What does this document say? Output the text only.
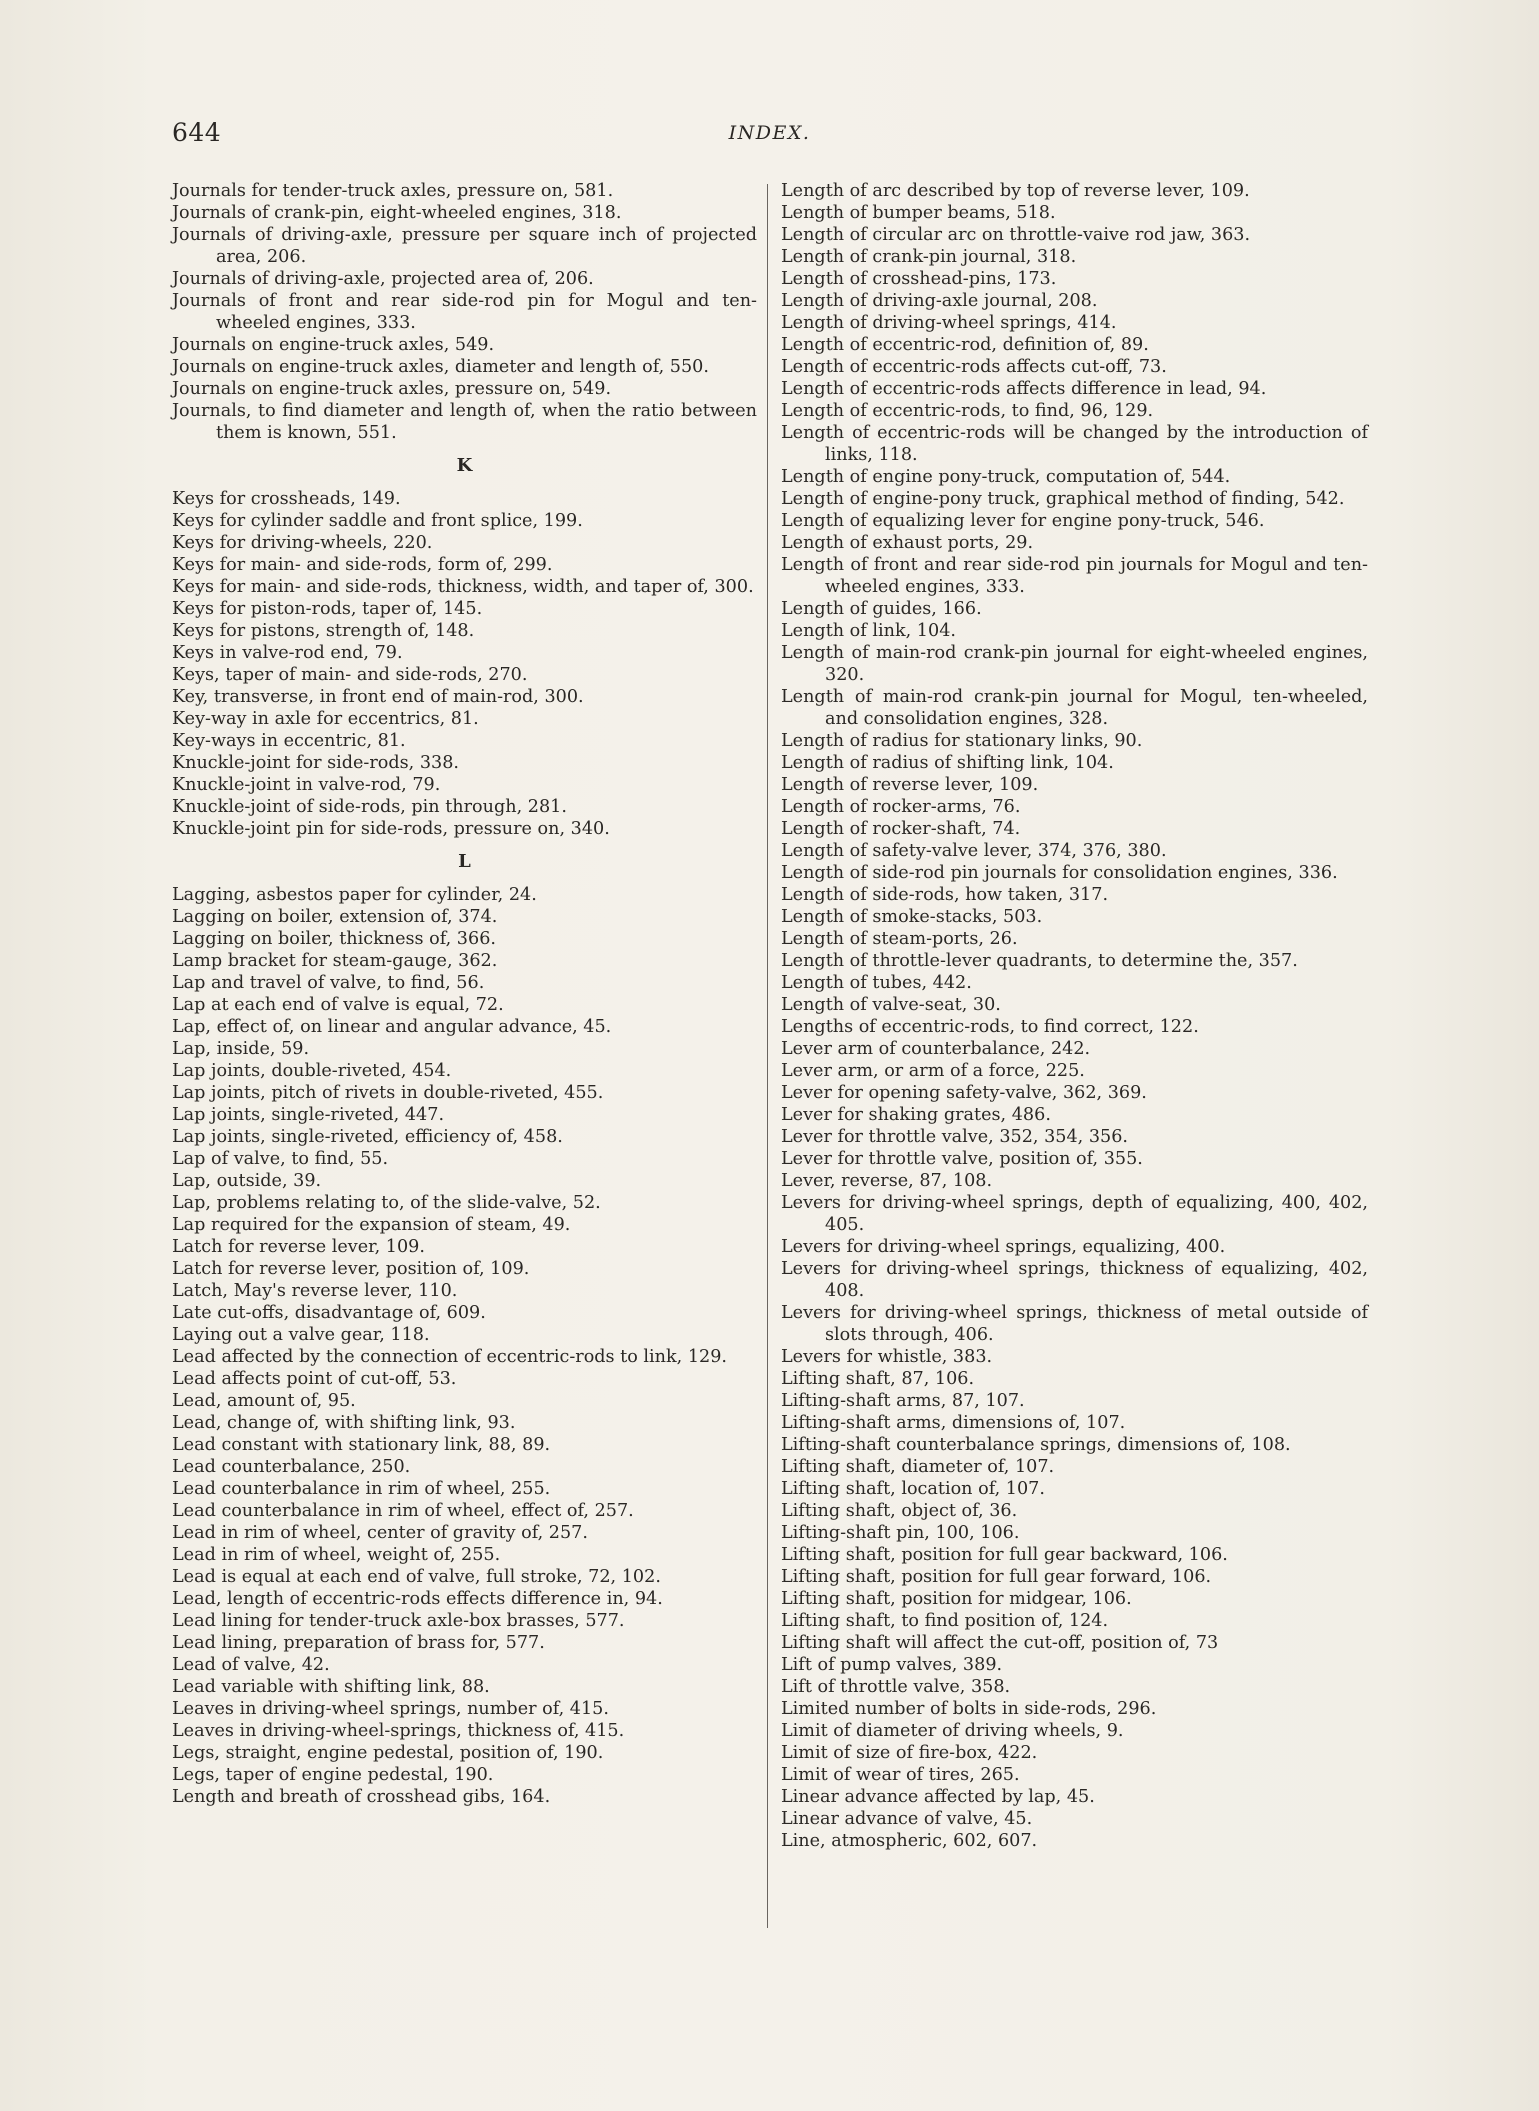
644	INDEX.
Journals for tender-truck axles, pressure on, 581.
Journals of crank-pin, eight-wheeled engines, 318.
Journals of driving-axle, pressure per square inch of projected area, 206.
Journals of driving-axle, projected area of, 206.
Journals of front and rear side-rod pin for Mogul and ten-wheeled engines, 333.
Journals on engine-truck axles, 549.
Journals on engine-truck axles, diameter and length of, 550.
Journals on engine-truck axles, pressure on, 549.
Journals, to find diameter and length of, when the ratio between them is known, 551.
K
Keys for crossheads, 149.
Keys for cylinder saddle and front splice, 199.
Keys for driving-wheels, 220.
Keys for main- and side-rods, form of, 299.
Keys for main- and side-rods, thickness, width, and taper of, 300.
Keys for piston-rods, taper of, 145.
Keys for pistons, strength of, 148.
Keys in valve-rod end, 79.
Keys, taper of main- and side-rods, 270.
Key, transverse, in front end of main-rod, 300.
Key-way in axle for eccentrics, 81.
Key-ways in eccentric, 81.
Knuckle-joint for side-rods, 338.
Knuckle-joint in valve-rod, 79.
Knuckle-joint of side-rods, pin through, 281.
Knuckle-joint pin for side-rods, pressure on, 340.
L
Lagging, asbestos paper for cylinder, 24.
Lagging on boiler, extension of, 374.
Lagging on boiler, thickness of, 366.
Lamp bracket for steam-gauge, 362.
Lap and travel of valve, to find, 56.
Lap at each end of valve is equal, 72.
Lap, effect of, on linear and angular advance, 45.
Lap, inside, 59.
Lap joints, double-riveted, 454.
Lap joints, pitch of rivets in double-riveted, 455.
Lap joints, single-riveted, 447.
Lap joints, single-riveted, efficiency of, 458.
Lap of valve, to find, 55.
Lap, outside, 39.
Lap, problems relating to, of the slide-valve, 52.
Lap required for the expansion of steam, 49.
Latch for reverse lever, 109.
Latch for reverse lever, position of, 109.
Latch, May's reverse lever, 110.
Late cut-offs, disadvantage of, 609.
Laying out a valve gear, 118.
Lead affected by the connection of eccentric-rods to link, 129.
Lead affects point of cut-off, 53.
Lead, amount of, 95.
Lead, change of, with shifting link, 93.
Lead constant with stationary link, 88, 89.
Lead counterbalance, 250.
Lead counterbalance in rim of wheel, 255.
Lead counterbalance in rim of wheel, effect of, 257.
Lead in rim of wheel, center of gravity of, 257.
Lead in rim of wheel, weight of, 255.
Lead is equal at each end of valve, full stroke, 72, 102.
Lead, length of eccentric-rods effects difference in, 94.
Lead lining for tender-truck axle-box brasses, 577.
Lead lining, preparation of brass for, 577.
Lead of valve, 42.
Lead variable with shifting link, 88.
Leaves in driving-wheel springs, number of, 415.
Leaves in driving-wheel-springs, thickness of, 415.
Legs, straight, engine pedestal, position of, 190.
Legs, taper of engine pedestal, 190.
Length and breath of crosshead gibs, 164.
Length of arc described by top of reverse lever, 109.
Length of bumper beams, 518.
Length of circular arc on throttle-vaive rod jaw, 363.
Length of crank-pin journal, 318.
Length of crosshead-pins, 173.
Length of driving-axle journal, 208.
Length of driving-wheel springs, 414.
Length of eccentric-rod, definition of, 89.
Length of eccentric-rods affects cut-off, 73.
Length of eccentric-rods affects difference in lead, 94.
Length of eccentric-rods, to find, 96, 129.
Length of eccentric-rods will be changed by the introduction of links, 118.
Length of engine pony-truck, computation of, 544.
Length of engine-pony truck, graphical method of finding, 542.
Length of equalizing lever for engine pony-truck, 546.
Length of exhaust ports, 29.
Length of front and rear side-rod pin journals for Mogul and ten-wheeled engines, 333.
Length of guides, 166.
Length of link, 104.
Length of main-rod crank-pin journal for eight-wheeled engines, 320.
Length of main-rod crank-pin journal for Mogul, ten-wheeled, and consolidation engines, 328.
Length of radius for stationary links, 90.
Length of radius of shifting link, 104.
Length of reverse lever, 109.
Length of rocker-arms, 76.
Length of rocker-shaft, 74.
Length of safety-valve lever, 374, 376, 380.
Length of side-rod pin journals for consolidation engines, 336.
Length of side-rods, how taken, 317.
Length of smoke-stacks, 503.
Length of steam-ports, 26.
Length of throttle-lever quadrants, to determine the, 357.
Length of tubes, 442.
Length of valve-seat, 30.
Lengths of eccentric-rods, to find correct, 122.
Lever arm of counterbalance, 242.
Lever arm, or arm of a force, 225.
Lever for opening safety-valve, 362, 369.
Lever for shaking grates, 486.
Lever for throttle valve, 352, 354, 356.
Lever for throttle valve, position of, 355.
Lever, reverse, 87, 108.
Levers for driving-wheel springs, depth of equalizing, 400, 402, 405.
Levers for driving-wheel springs, equalizing, 400.
Levers for driving-wheel springs, thickness of equalizing, 402, 408.
Levers for driving-wheel springs, thickness of metal outside of slots through, 406.
Levers for whistle, 383.
Lifting shaft, 87, 106.
Lifting-shaft arms, 87, 107.
Lifting-shaft arms, dimensions of, 107.
Lifting-shaft counterbalance springs, dimensions of, 108.
Lifting shaft, diameter of, 107.
Lifting shaft, location of, 107.
Lifting shaft, object of, 36.
Lifting-shaft pin, 100, 106.
Lifting shaft, position for full gear backward, 106.
Lifting shaft, position for full gear forward, 106.
Lifting shaft, position for midgear, 106.
Lifting shaft, to find position of, 124.
Lifting shaft will affect the cut-off, position of, 73
Lift of pump valves, 389.
Lift of throttle valve, 358.
Limited number of bolts in side-rods, 296.
Limit of diameter of driving wheels, 9.
Limit of size of fire-box, 422.
Limit of wear of tires, 265.
Linear advance affected by lap, 45.
Linear advance of valve, 45.
Line, atmospheric, 602, 607.
